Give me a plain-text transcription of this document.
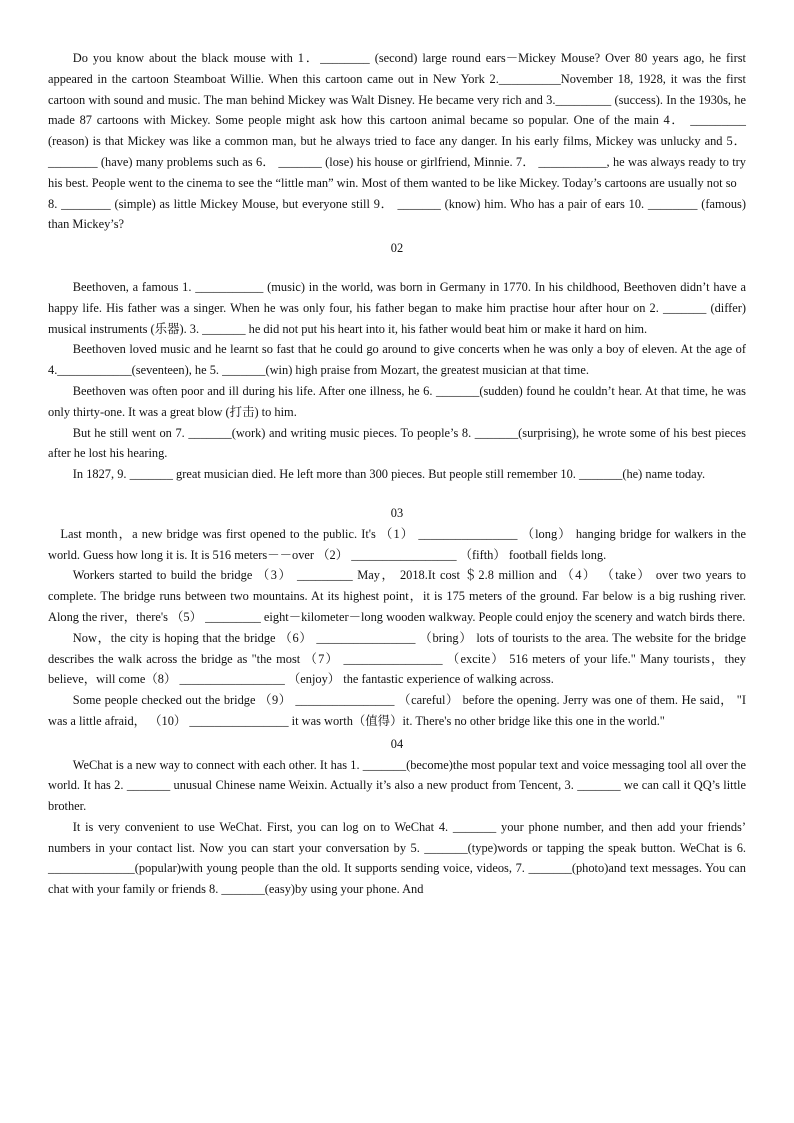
Do you know about the black mouse with 1．________ (second) large round ears－Mickey Mouse? Over 80 years ago, he first appeared in the cartoon Steamboat Willie. When this cartoon came out in New York 2.__________November 18, 1928, it was the first cartoon with sound and music. The man behind Mickey was Walt Disney. He became very rich and 3._________ (success). In the 1930s, he made 87 cartoons with Mickey. Some people might ask how this cartoon animal became so popular. One of the main 4． _________ (reason) is that Mickey was like a common man, but he always tried to face any danger. In his early films, Mickey was unlucky and 5． ________ (have) many problems such as 6． _______ (lose) his house or girlfriend, Minnie. 7． ___________, he was always ready to try his best. People went to the cinema to see the “little man” win. Most of them wanted to be like Mickey. Today’s cartoons are usually not so

8. ________ (simple) as little Mickey Mouse, but everyone still 9． _______ (know) him. Who has a pair of ears 10. ________ (famous) than Mickey’s?

02

Beethoven, a famous 1. ___________ (music) in the world, was born in Germany in 1770. In his childhood, Beethoven didn’t have a happy life. His father was a singer. When he was only four, his father began to make him practise hour after hour on 2. _______ (differ) musical instruments (乐器). 3. _______ he did not put his heart into it, his father would beat him or make it hard on him.

Beethoven loved music and he learnt so fast that he could go around to give concerts when he was only a boy of eleven. At the age of 4.____________(seventeen), he 5. _______(win) high praise from Mozart, the greatest musician at that time.

Beethoven was often poor and ill during his life. After one illness, he 6. _______(sudden) found he couldn’t hear. At that time, he was only thirty-one. It was a great blow (打击) to him.

But he still went on 7. _______(work) and writing music pieces. To people’s 8. _______(surprising), he wrote some of his best pieces after he lost his hearing.

In 1827, 9. _______ great musician died. He left more than 300 pieces. But people still remember 10. _______(he) name today.

03

Last month，a new bridge was first opened to the public. It's （1） ________________ （long） hanging bridge for walkers in the world. Guess how long it is. It is 516 meters－－over （2） _________________ （fifth） football fields long.

Workers started to build the bridge （3） _________ May， 2018.It cost ＄2.8 million and （4） （take） over two years to complete. The bridge runs between two mountains. At its highest point，it is 175 meters of the ground. Far below is a big rushing river. Along the river，there's （5） _________ eight－kilometer－long wooden walkway. People could enjoy the scenery and watch birds there.

Now，the city is hoping that the bridge （6） ________________ （bring） lots of tourists to the area. The website for the bridge describes the walk across the bridge as "the most （7） ________________ （excite） 516 meters of your life." Many tourists，they believe，will come（8） _________________ （enjoy） the fantastic experience of walking across.

Some people checked out the bridge （9） ________________ （careful） before the opening. Jerry was one of them. He said， "I was a little afraid， （10） ________________ it was worth（值得）it. There's no other bridge like this one in the world."

04

WeChat is a new way to connect with each other. It has 1. _______(become)the most popular text and voice messaging tool all over the world. It has 2. _______ unusual Chinese name Weixin. Actually it’s also a new product from Tencent, 3. _______ we can call it QQ’s little brother.

It is very convenient to use WeChat. First, you can log on to WeChat 4. _______ your phone number, and then add your friends’ numbers in your contact list. Now you can start your conversation by 5. _______(type)words or tapping the speak button. WeChat is 6. ______________(popular)with young people than the old. It supports sending voice, videos, 7. _______(photo)and text messages. You can chat with your family or friends 8. _______(easy)by using your phone. And
